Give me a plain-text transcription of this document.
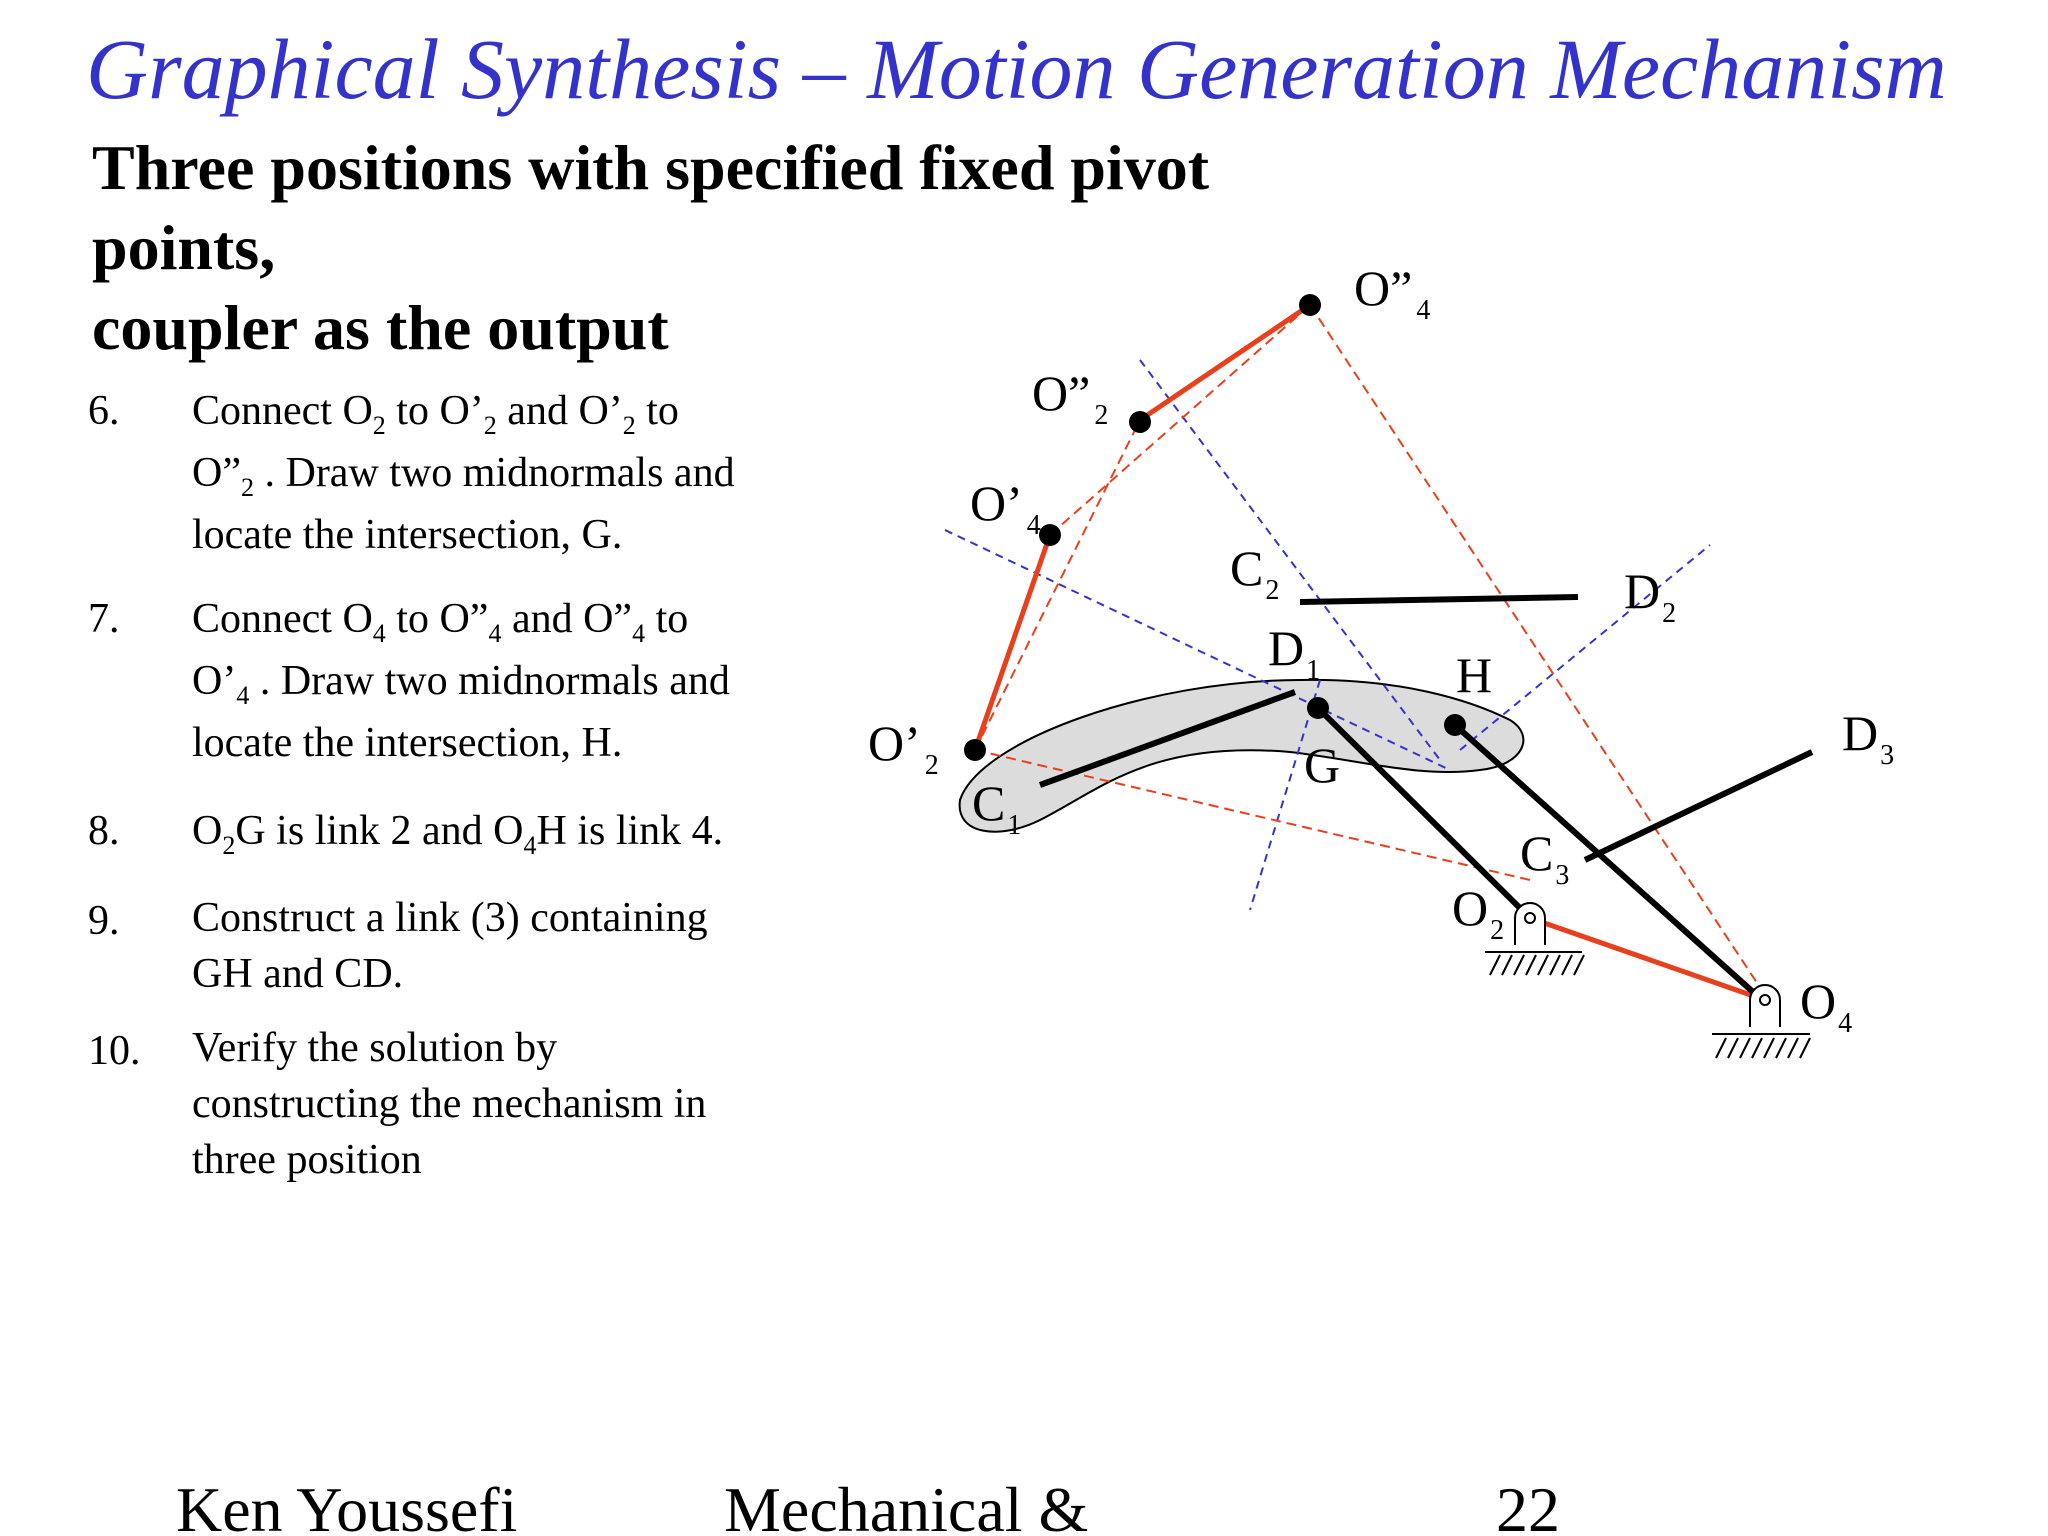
Graphical Synthesis – Motion Generation Mechanism
Three positions with specified fixed pivot points,
coupler as the output
6. Connect $O_2$ to $O’_2$ and $O’_2$ to
$O”_2$ . Draw two midnormals and
locate the intersection, G.
7. Connect $O_4$ to $O”_4$ and $O”_4$ to
$O’_4$ . Draw two midnormals and
locate the intersection, H.
8. $O_2G$ is link 2 and $O_4H$ is link 4.
9. Construct a link (3) containing
GH and CD.
10. Verify the solution by
constructing the mechanism in
three position
O” $_4$
O” $_2$
O’ $_4$
O’ $_2$
$C_1$
$C_2$
$C_3$
$D_1$
$D_2$
$D_3$
G
H
$O_2$
$O_4$
Ken Youssefi	Mechanical &	22
